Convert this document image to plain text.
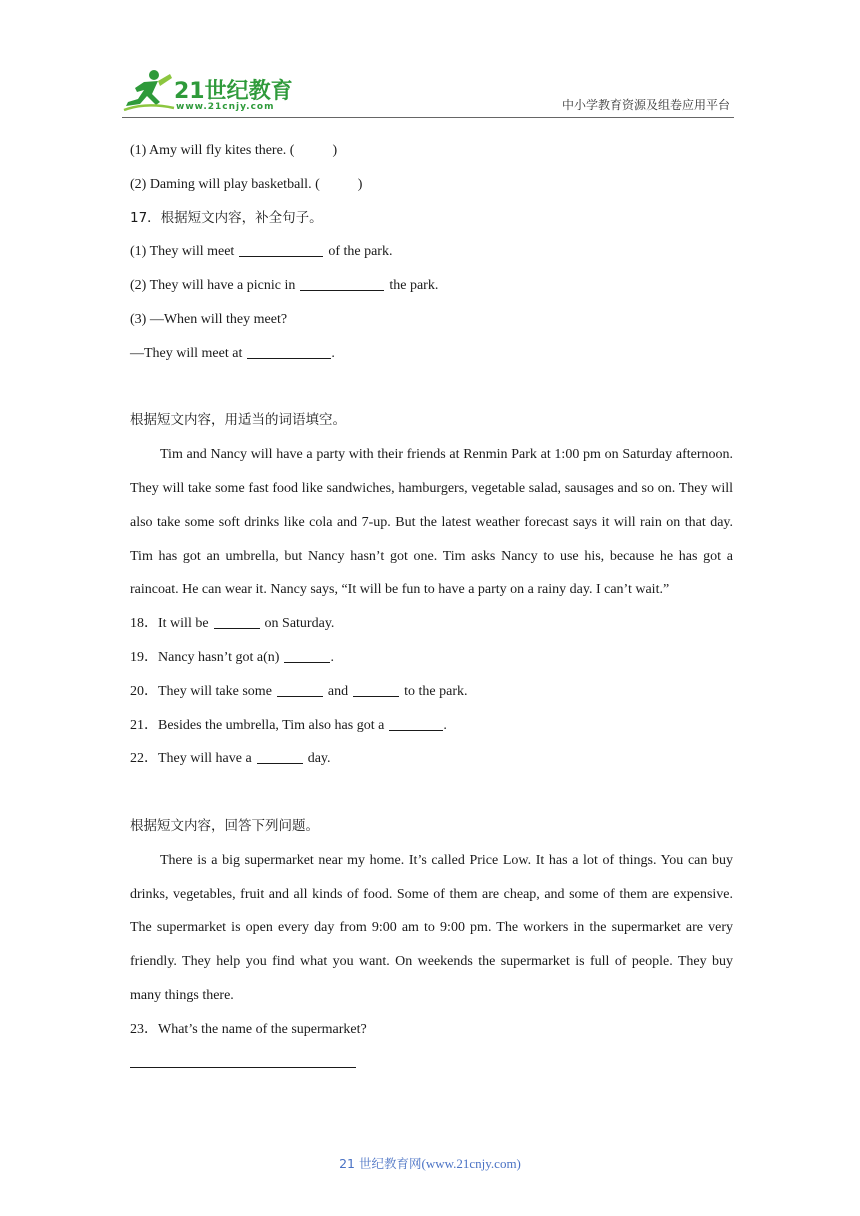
21世纪教育
www.21cnjy.com	中小学教育资源及组卷应用平台
(1) Amy will fly kites there. (	)
(2) Daming will play basketball. (	)
17．根据短文内容，补全句子。
(1) They will meet	of the park.
(2) They will have a picnic in	the park.
(3) —When will they meet?
—They will meet at	.
根据短文内容，用适当的词语填空。

Tim and Nancy will have a party with their friends at Renmin Park at 1:00 pm on Saturday afternoon. They will take some fast food like sandwiches, hamburgers, vegetable salad, sausages and so on. They will also take some soft drinks like cola and 7-up. But the latest weather forecast says it will rain on that day. Tim has got an umbrella, but Nancy hasn’t got one. Tim asks Nancy to use his, because he has got a raincoat. He can wear it. Nancy says, “It will be fun to have a party on a rainy day. I can’t wait.”

18．It will be	on Saturday.
19．Nancy hasn’t got a(n)	.
20．They will take some	and	to the park.
21．Besides the umbrella, Tim also has got a	.
22．They will have a	day.
根据短文内容，回答下列问题。

There is a big supermarket near my home. It’s called Price Low. It has a lot of things. You can buy drinks, vegetables, fruit and all kinds of food. Some of them are cheap, and some of them are expensive. The supermarket is open every day from 9:00 am to 9:00 pm. The workers in the supermarket are very friendly. They help you find what you want. On weekends the supermarket is full of people. They buy many things there.

23．What’s the name of the supermarket?
21 世纪教育网(www.21cnjy.com)
